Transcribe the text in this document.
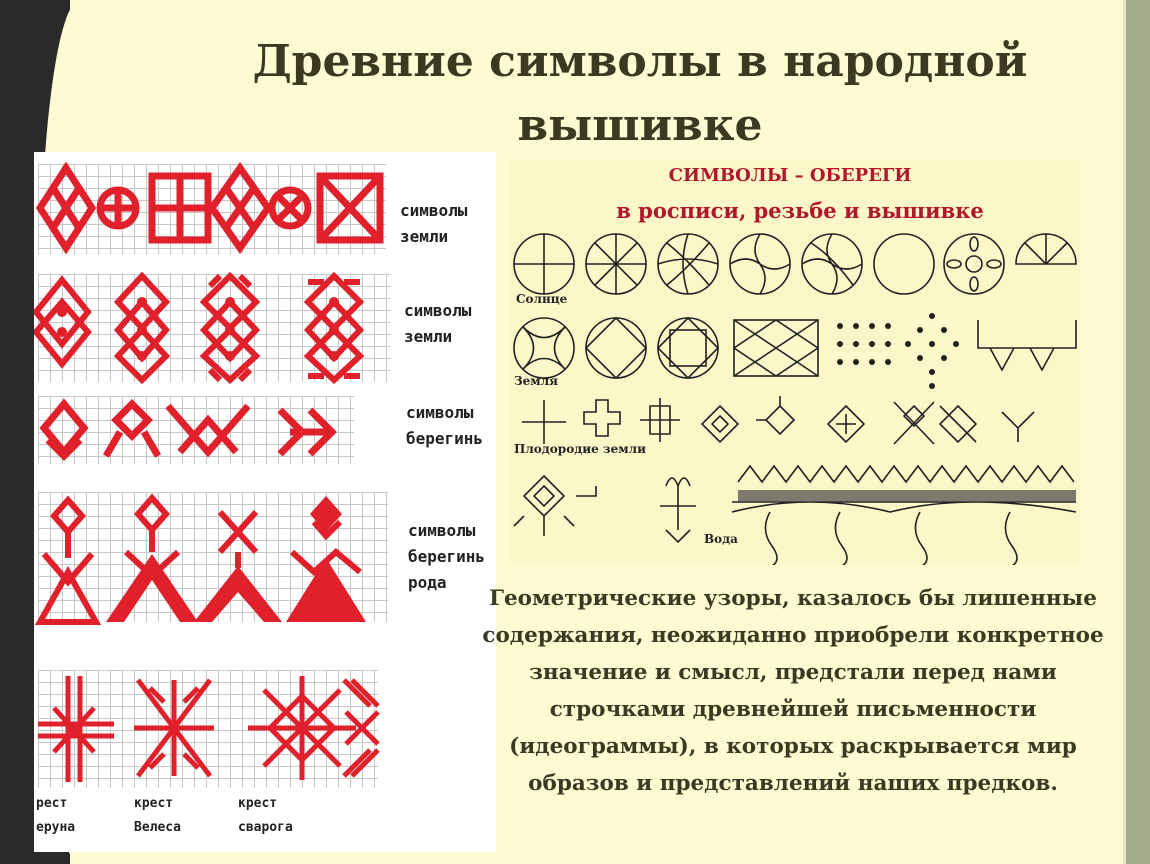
Древние символы в народной вышивке
символы
земли
символы
земли
символы
берегинь
символы
берегинь
рода
рест
еруна
крест
Велеса
крест
сварога
СИМВОЛЫ – ОБЕРЕГИ
в росписи, резьбе и вышивке
Солнце
Земля
Плодородие земли
Вода

Геометрические узоры, казалось бы лишенные содержания, неожиданно приобрели конкретное значение и смысл, предстали перед нами строчками древнейшей письменности (идеограммы), в которых раскрывается мир образов и представлений наших предков.
